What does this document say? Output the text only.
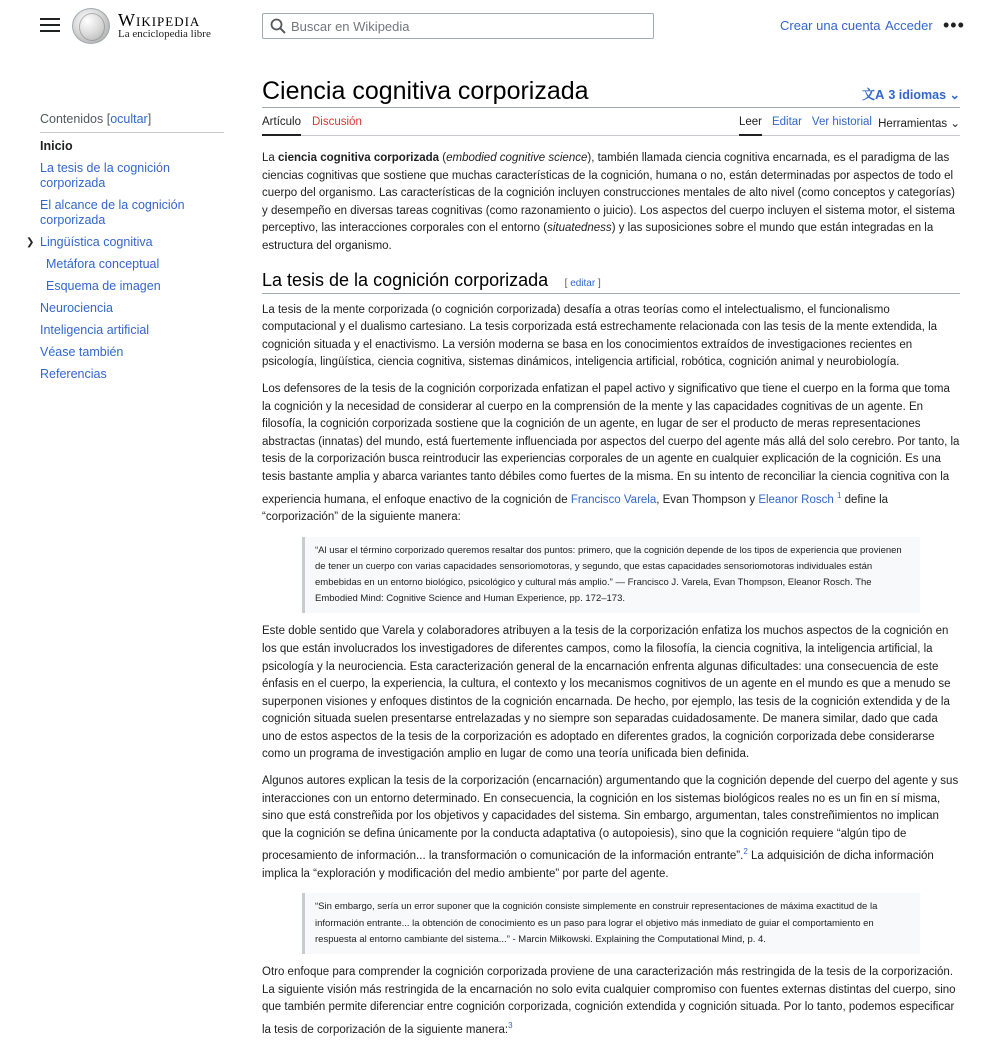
Wikipedia
La enciclopedia libre
Buscar en Wikipedia
Crear una cuenta Acceder •••
Contenidos [ocultar]
Inicio
La tesis de la cognición corporizada
El alcance de la cognición corporizada
❯ Lingüística cognitiva
Metáfora conceptual
Esquema de imagen
Neurociencia
Inteligencia artificial
Véase también
Referencias
Ciencia cognitiva corporizada	文A 3 idiomas ⌄
Artículo Discusión	Leer Editar Ver historial Herramientas ⌄

La ciencia cognitiva corporizada (embodied cognitive science), también llamada ciencia cognitiva encarnada, es el paradigma de las ciencias cognitivas que sostiene que muchas características de la cognición, humana o no, están determinadas por aspectos de todo el cuerpo del organismo. Las características de la cognición incluyen construcciones mentales de alto nivel (como conceptos y categorías) y desempeño en diversas tareas cognitivas (como razonamiento o juicio). Los aspectos del cuerpo incluyen el sistema motor, el sistema perceptivo, las interacciones corporales con el entorno (situatedness) y las suposiciones sobre el mundo que están integradas en la estructura del organismo.

La tesis de la cognición corporizada [ editar ]

La tesis de la mente corporizada (o cognición corporizada) desafía a otras teorías como el intelectualismo, el funcionalismo computacional y el dualismo cartesiano. La tesis corporizada está estrechamente relacionada con las tesis de la mente extendida, la cognición situada y el enactivismo. La versión moderna se basa en los conocimientos extraídos de investigaciones recientes en psicología, lingüística, ciencia cognitiva, sistemas dinámicos, inteligencia artificial, robótica, cognición animal y neurobiología.

Los defensores de la tesis de la cognición corporizada enfatizan el papel activo y significativo que tiene el cuerpo en la forma que toma la cognición y la necesidad de considerar al cuerpo en la comprensión de la mente y las capacidades cognitivas de un agente. En filosofía, la cognición corporizada sostiene que la cognición de un agente, en lugar de ser el producto de meras representaciones abstractas (innatas) del mundo, está fuertemente influenciada por aspectos del cuerpo del agente más allá del solo cerebro. Por tanto, la tesis de la corporización busca reintroducir las experiencias corporales de un agente en cualquier explicación de la cognición. Es una tesis bastante amplia y abarca variantes tanto débiles como fuertes de la misma. En su intento de reconciliar la ciencia cognitiva con la experiencia humana, el enfoque enactivo de la cognición de Francisco Varela, Evan Thompson y Eleanor Rosch $^1$ define la “corporización” de la siguiente manera:

“Al usar el término corporizado queremos resaltar dos puntos: primero, que la cognición depende de los tipos de experiencia que provienen de tener un cuerpo con varias capacidades sensoriomotoras, y segundo, que estas capacidades sensoriomotoras individuales están embebidas en un entorno biológico, psicológico y cultural más amplio.” — Francisco J. Varela, Evan Thompson, Eleanor Rosch. The Embodied Mind: Cognitive Science and Human Experience, pp. 172–173.

Este doble sentido que Varela y colaboradores atribuyen a la tesis de la corporización enfatiza los muchos aspectos de la cognición en los que están involucrados los investigadores de diferentes campos, como la filosofía, la ciencia cognitiva, la inteligencia artificial, la psicología y la neurociencia. Esta caracterización general de la encarnación enfrenta algunas dificultades: una consecuencia de este énfasis en el cuerpo, la experiencia, la cultura, el contexto y los mecanismos cognitivos de un agente en el mundo es que a menudo se superponen visiones y enfoques distintos de la cognición encarnada. De hecho, por ejemplo, las tesis de la cognición extendida y de la cognición situada suelen presentarse entrelazadas y no siempre son separadas cuidadosamente. De manera similar, dado que cada uno de estos aspectos de la tesis de la corporización es adoptado en diferentes grados, la cognición corporizada debe considerarse como un programa de investigación amplio en lugar de como una teoría unificada bien definida.

Algunos autores explican la tesis de la corporización (encarnación) argumentando que la cognición depende del cuerpo del agente y sus interacciones con un entorno determinado. En consecuencia, la cognición en los sistemas biológicos reales no es un fin en sí misma, sino que está constreñida por los objetivos y capacidades del sistema. Sin embargo, argumentan, tales constreñimientos no implican que la cognición se defina únicamente por la conducta adaptativa (o autopoiesis), sino que la cognición requiere “algún tipo de procesamiento de información... la transformación o comunicación de la información entrante”.$^2$ La adquisición de dicha información implica la “exploración y modificación del medio ambiente” por parte del agente.

“Sin embargo, sería un error suponer que la cognición consiste simplemente en construir representaciones de máxima exactitud de la información entrante... la obtención de conocimiento es un paso para lograr el objetivo más inmediato de guiar el comportamiento en respuesta al entorno cambiante del sistema...” - Marcin Miłkowski. Explaining the Computational Mind, p. 4.

Otro enfoque para comprender la cognición corporizada proviene de una caracterización más restringida de la tesis de la corporización. La siguiente visión más restringida de la encarnación no solo evita cualquier compromiso con fuentes externas distintas del cuerpo, sino que también permite diferenciar entre cognición corporizada, cognición extendida y cognición situada. Por lo tanto, podemos especificar la tesis de corporización de la siguiente manera:$^3$
